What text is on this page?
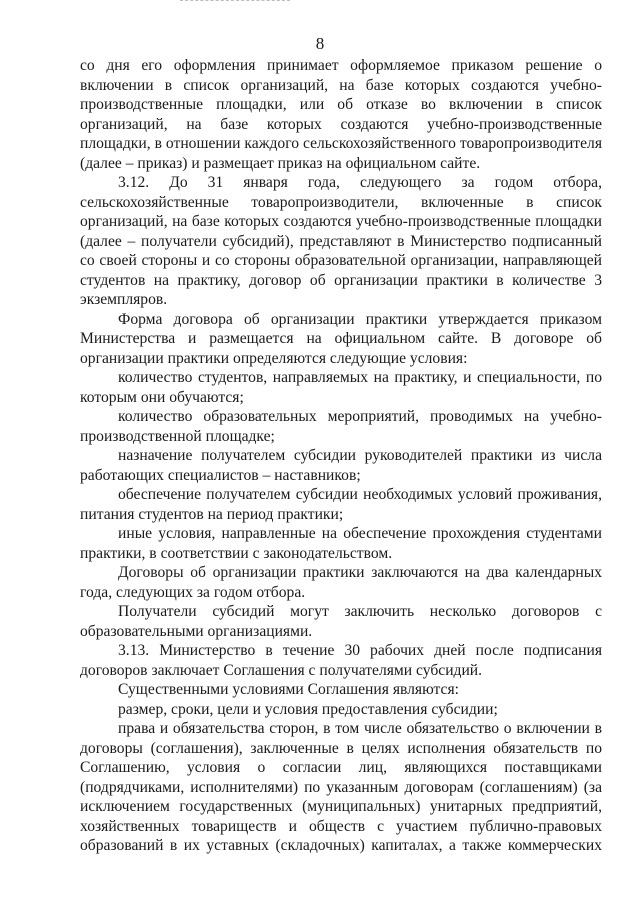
8

со дня его оформления принимает оформляемое приказом решение о включении в список организаций, на базе которых создаются учебно-производственные площадки, или об отказе во включении в список организаций, на базе которых создаются учебно-производственные площадки, в отношении каждого сельскохозяйственного товаропроизводителя (далее – приказ) и размещает приказ на официальном сайте.

3.12. До 31 января года, следующего за годом отбора, сельскохозяйственные товаропроизводители, включенные в список организаций, на базе которых создаются учебно-производственные площадки (далее – получатели субсидий), представляют в Министерство подписанный со своей стороны и со стороны образовательной организации, направляющей студентов на практику, договор об организации практики в количестве 3 экземпляров.

Форма договора об организации практики утверждается приказом Министерства и размещается на официальном сайте. В договоре об организации практики определяются следующие условия:

количество студентов, направляемых на практику, и специальности, по которым они обучаются;

количество образовательных мероприятий, проводимых на учебно-производственной площадке;

назначение получателем субсидии руководителей практики из числа работающих специалистов – наставников;

обеспечение получателем субсидии необходимых условий проживания, питания студентов на период практики;

иные условия, направленные на обеспечение прохождения студентами практики, в соответствии с законодательством.

Договоры об организации практики заключаются на два календарных года, следующих за годом отбора.

Получатели субсидий могут заключить несколько договоров с образовательными организациями.

3.13. Министерство в течение 30 рабочих дней после подписания договоров заключает Соглашения с получателями субсидий.

Существенными условиями Соглашения являются:

размер, сроки, цели и условия предоставления субсидии;

права и обязательства сторон, в том числе обязательство о включении в договоры (соглашения), заключенные в целях исполнения обязательств по Соглашению, условия о согласии лиц, являющихся поставщиками (подрядчиками, исполнителями) по указанным договорам (соглашениям) (за исключением государственных (муниципальных) унитарных предприятий, хозяйственных товариществ и обществ с участием публично-правовых образований в их уставных (складочных) капиталах, а также коммерческих
